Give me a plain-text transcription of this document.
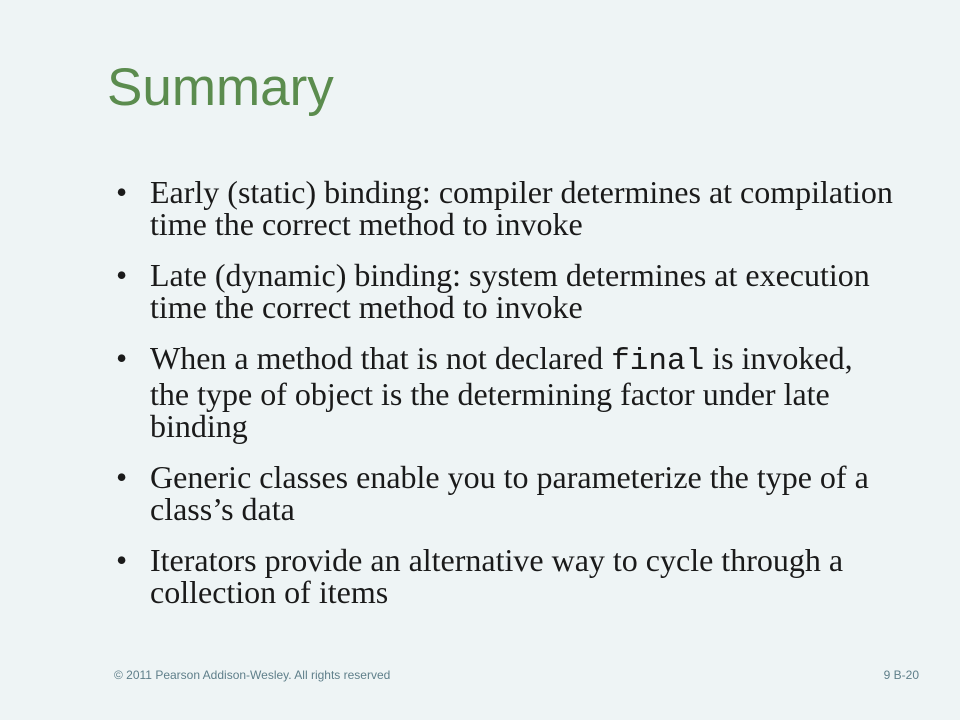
Summary
• Early (static) binding: compiler determines at compilation time the correct method to invoke
• Late (dynamic) binding: system determines at execution time the correct method to invoke
• When a method that is not declared final is invoked, the type of object is the determining factor under late binding
• Generic classes enable you to parameterize the type of a class’s data
• Iterators provide an alternative way to cycle through a collection of items
© 2011 Pearson Addison-Wesley. All rights reserved	9 B-20
